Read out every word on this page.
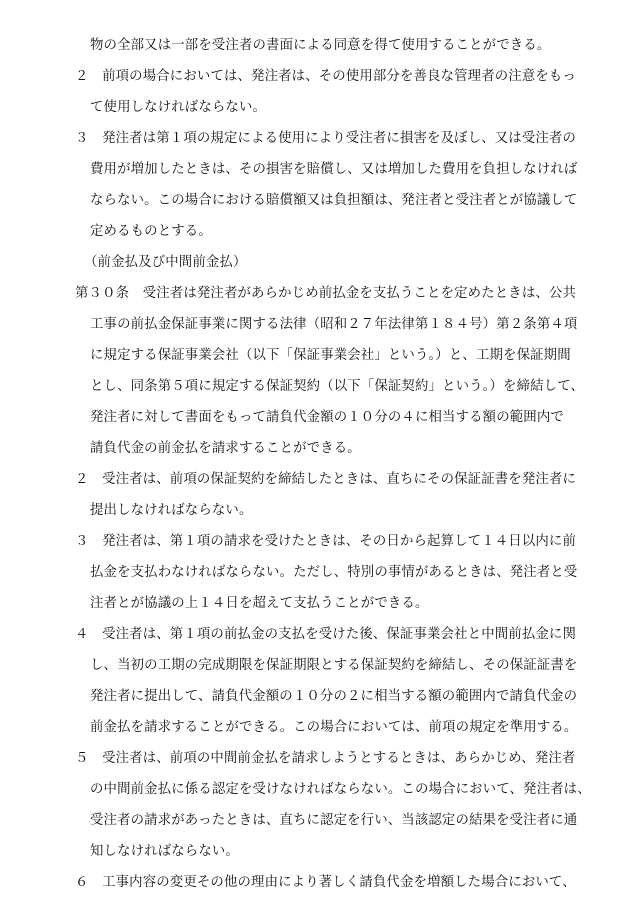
物の全部又は一部を受注者の書面による同意を得て使用することができる。
２　前項の場合においては、発注者は、その使用部分を善良な管理者の注意をもっ
て使用しなければならない。
３　発注者は第１項の規定による使用により受注者に損害を及ぼし、又は受注者の
費用が増加したときは、その損害を賠償し、又は増加した費用を負担しなければ
ならない。この場合における賠償額又は負担額は、発注者と受注者とが協議して
定めるものとする。
（前金払及び中間前金払）
第３０条　受注者は発注者があらかじめ前払金を支払うことを定めたときは、公共
工事の前払金保証事業に関する法律（昭和２７年法律第１８４号）第２条第４項
に規定する保証事業会社（以下「保証事業会社」という。）と、工期を保証期間
とし、同条第５項に規定する保証契約（以下「保証契約」という。）を締結して、
発注者に対して書面をもって請負代金額の１０分の４に相当する額の範囲内で
請負代金の前金払を請求することができる。
２　受注者は、前項の保証契約を締結したときは、直ちにその保証証書を発注者に
提出しなければならない。
３　発注者は、第１項の請求を受けたときは、その日から起算して１４日以内に前
払金を支払わなければならない。ただし、特別の事情があるときは、発注者と受
注者とが協議の上１４日を超えて支払うことができる。
４　受注者は、第１項の前払金の支払を受けた後、保証事業会社と中間前払金に関
し、当初の工期の完成期限を保証期限とする保証契約を締結し、その保証証書を
発注者に提出して、請負代金額の１０分の２に相当する額の範囲内で請負代金の
前金払を請求することができる。この場合においては、前項の規定を準用する。
５　受注者は、前項の中間前金払を請求しようとするときは、あらかじめ、発注者
の中間前金払に係る認定を受けなければならない。この場合において、発注者は、
受注者の請求があったときは、直ちに認定を行い、当該認定の結果を受注者に通
知しなければならない。
６　工事内容の変更その他の理由により著しく請負代金を増額した場合において、
